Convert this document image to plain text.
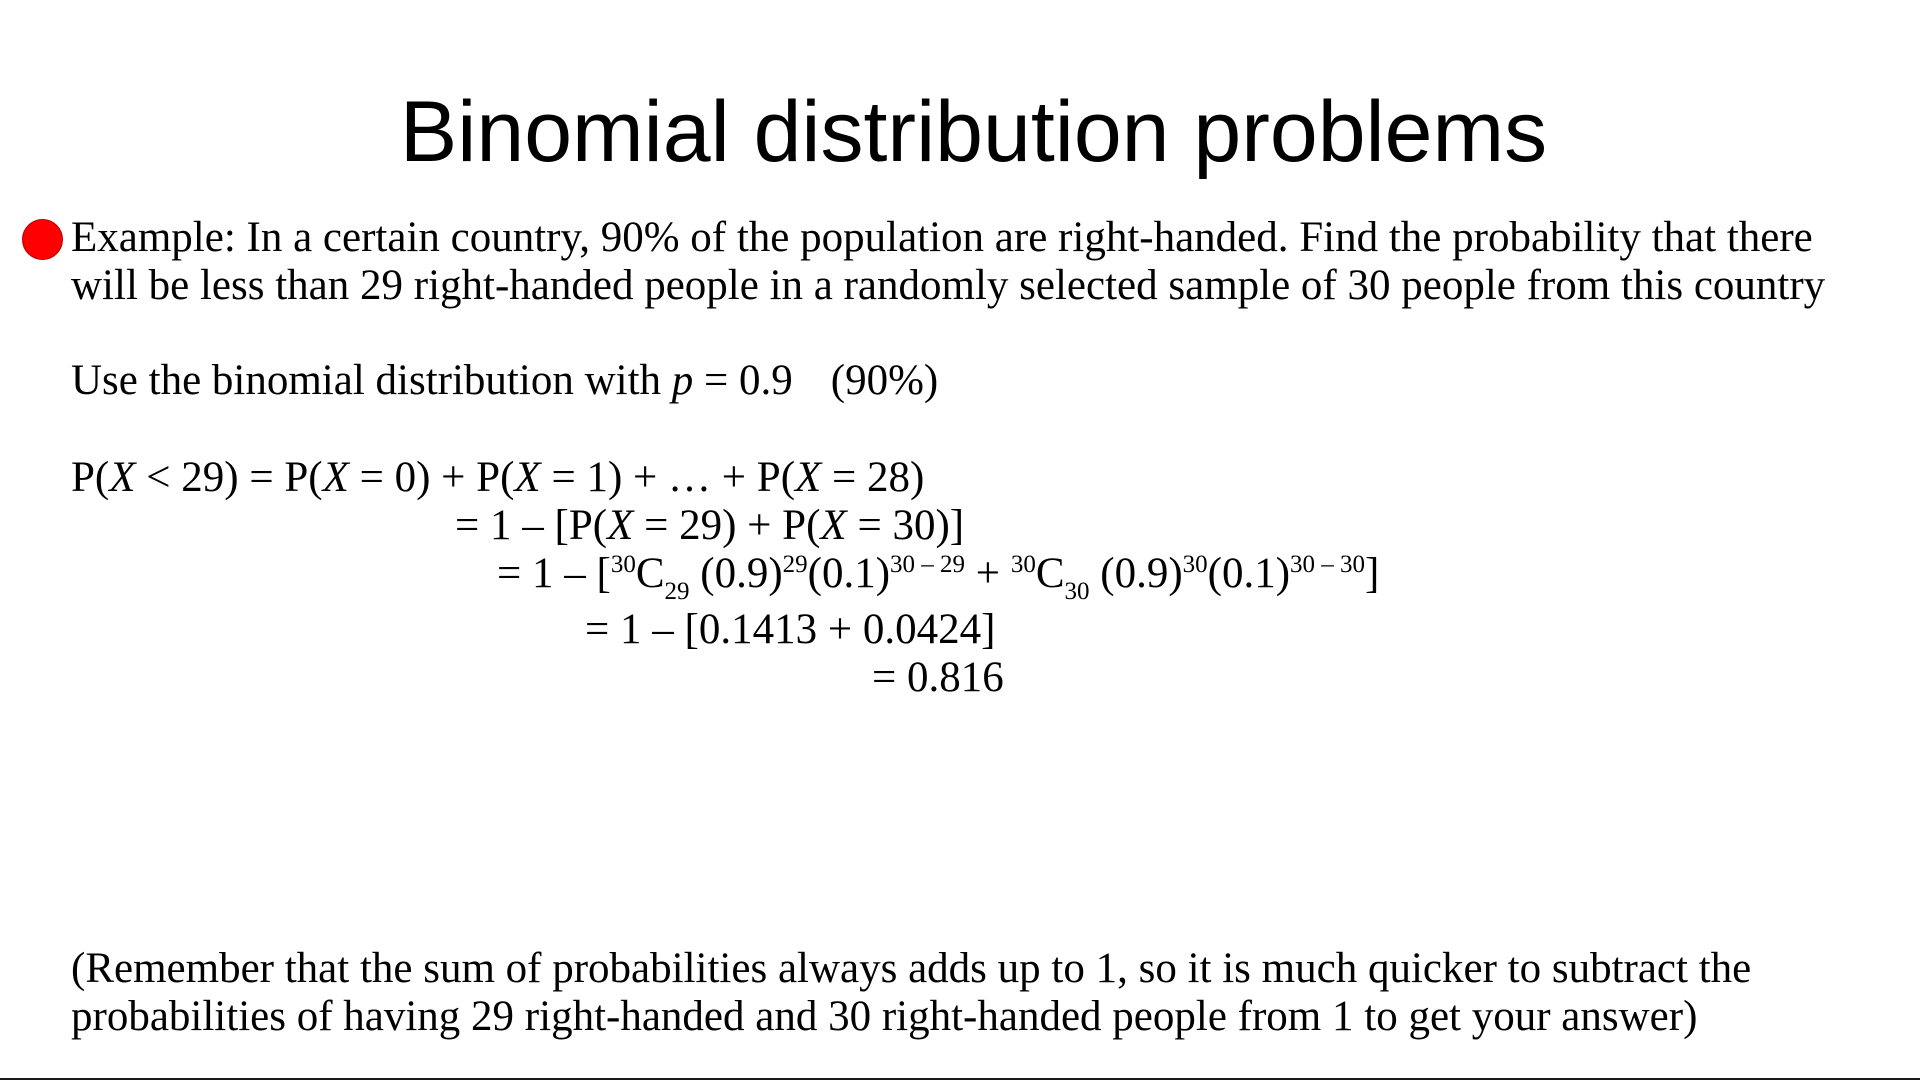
Binomial distribution problems
Example: In a certain country, 90% of the population are right-handed. Find the probability that there
will be less than 29 right-handed people in a randomly selected sample of 30 people from this country
Use the binomial distribution with p = 0.9 (90%)
P(X < 29) = P(X = 0) + P(X = 1) + … + P(X = 28)
= 1 – [P(X = 29) + P(X = 30)]
= $1 - [^{30}C_{29}$ $(0.9)^{29}(0.1)^{30 - 29} + ^{30}C_{30}$ $(0.9)^{30}(0.1)^{30 - 30}$]
= 1 – [0.1413 + 0.0424]
= 0.816
(Remember that the sum of probabilities always adds up to 1, so it is much quicker to subtract the
probabilities of having 29 right-handed and 30 right-handed people from 1 to get your answer)
